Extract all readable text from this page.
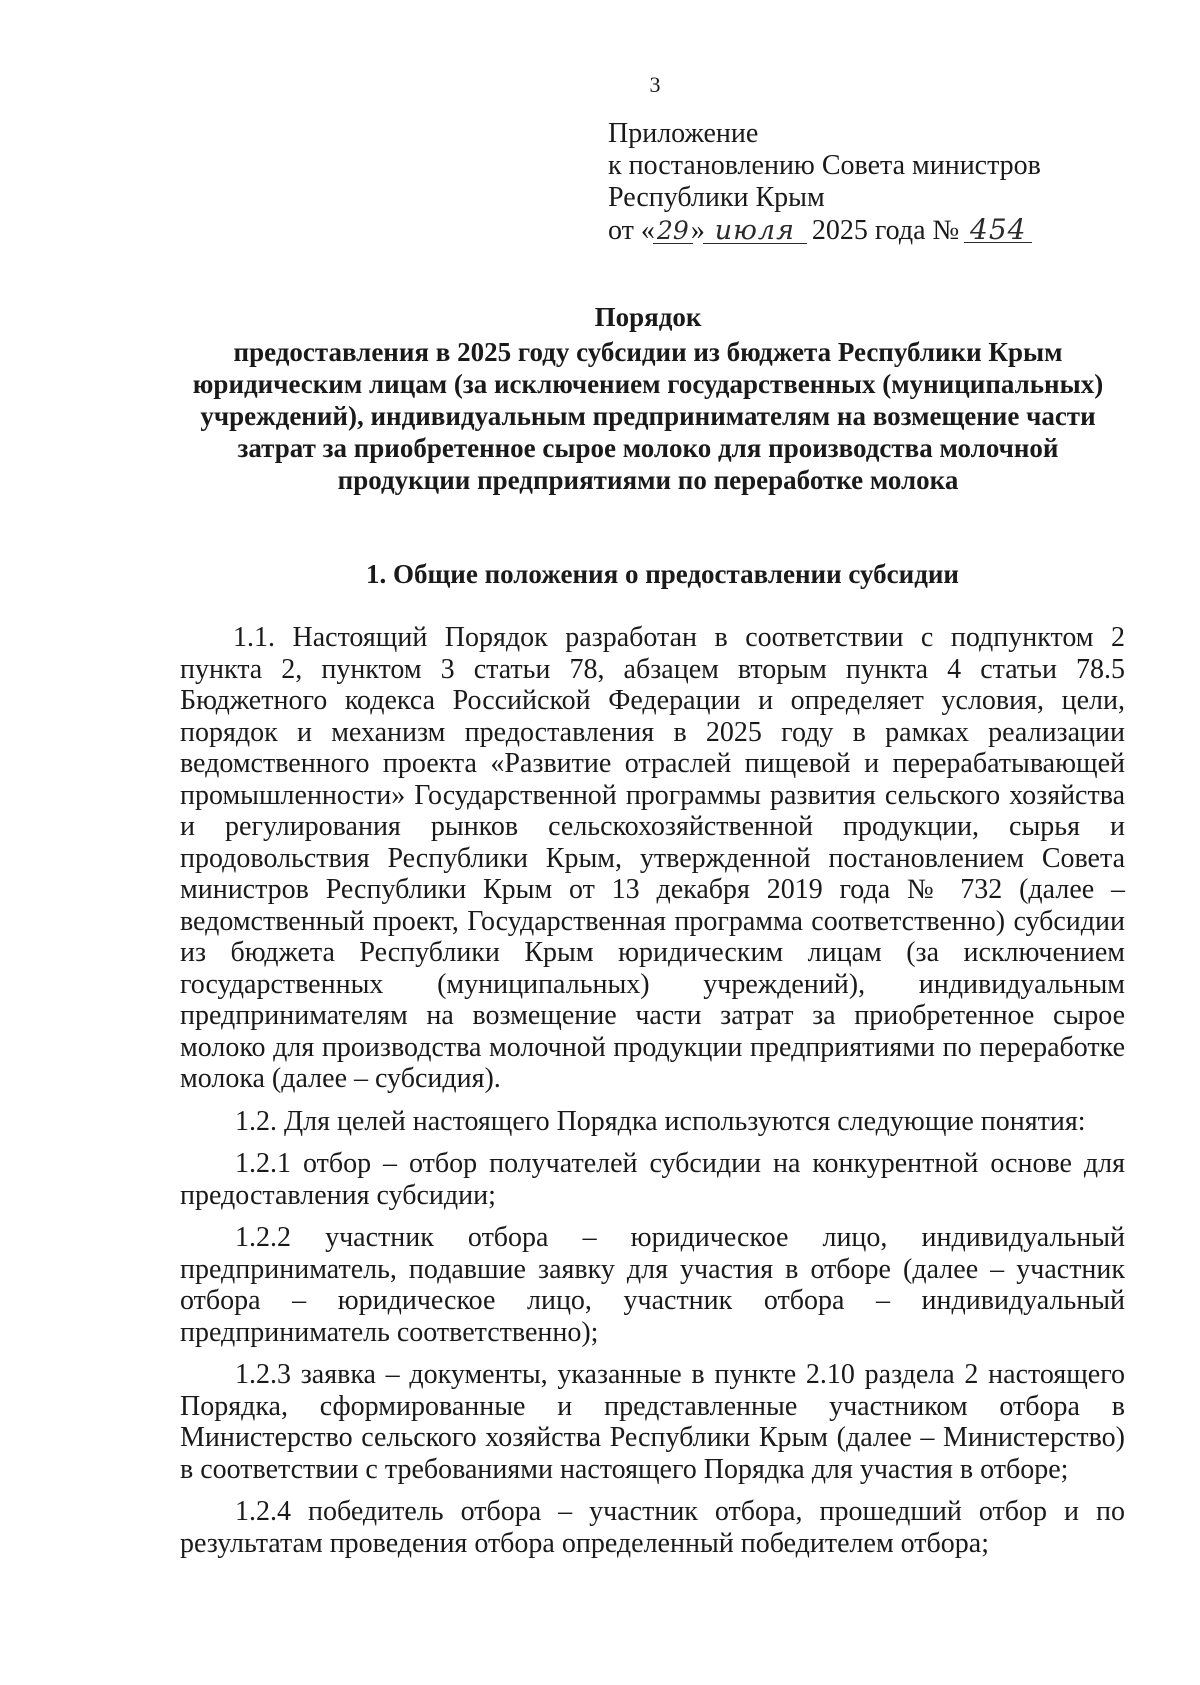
3
Приложение
к постановлению Совета министров
Республики Крым
от «29» июля 2025 года № 454
Порядок
предоставления в 2025 году субсидии из бюджета Республики Крым юридическим лицам (за исключением государственных (муниципальных) учреждений), индивидуальным предпринимателям на возмещение части затрат за приобретенное сырое молоко для производства молочной продукции предприятиями по переработке молока
1. Общие положения о предоставлении субсидии

1.1. Настоящий Порядок разработан в соответствии с подпунктом 2 пункта 2, пунктом 3 статьи 78, абзацем вторым пункта 4 статьи 78.5 Бюджетного кодекса Российской Федерации и определяет условия, цели, порядок и механизм предоставления в 2025 году в рамках реализации ведомственного проекта «Развитие отраслей пищевой и перерабатывающей промышленности» Государственной программы развития сельского хозяйства и регулирования рынков сельскохозяйственной продукции, сырья и продовольствия Республики Крым, утвержденной постановлением Совета министров Республики Крым от 13 декабря 2019 года № 732 (далее – ведомственный проект, Государственная программа соответственно) субсидии из бюджета Республики Крым юридическим лицам (за исключением государственных (муниципальных) учреждений), индивидуальным предпринимателям на возмещение части затрат за приобретенное сырое молоко для производства молочной продукции предприятиями по переработке молока (далее – субсидия).

1.2. Для целей настоящего Порядка используются следующие понятия:

1.2.1 отбор – отбор получателей субсидии на конкурентной основе для предоставления субсидии;

1.2.2 участник отбора – юридическое лицо, индивидуальный предприниматель, подавшие заявку для участия в отборе (далее – участник отбора – юридическое лицо, участник отбора – индивидуальный предприниматель соответственно);

1.2.3 заявка – документы, указанные в пункте 2.10 раздела 2 настоящего Порядка, сформированные и представленные участником отбора в Министерство сельского хозяйства Республики Крым (далее – Министерство) в соответствии с требованиями настоящего Порядка для участия в отборе;

1.2.4 победитель отбора – участник отбора, прошедший отбор и по результатам проведения отбора определенный победителем отбора;
